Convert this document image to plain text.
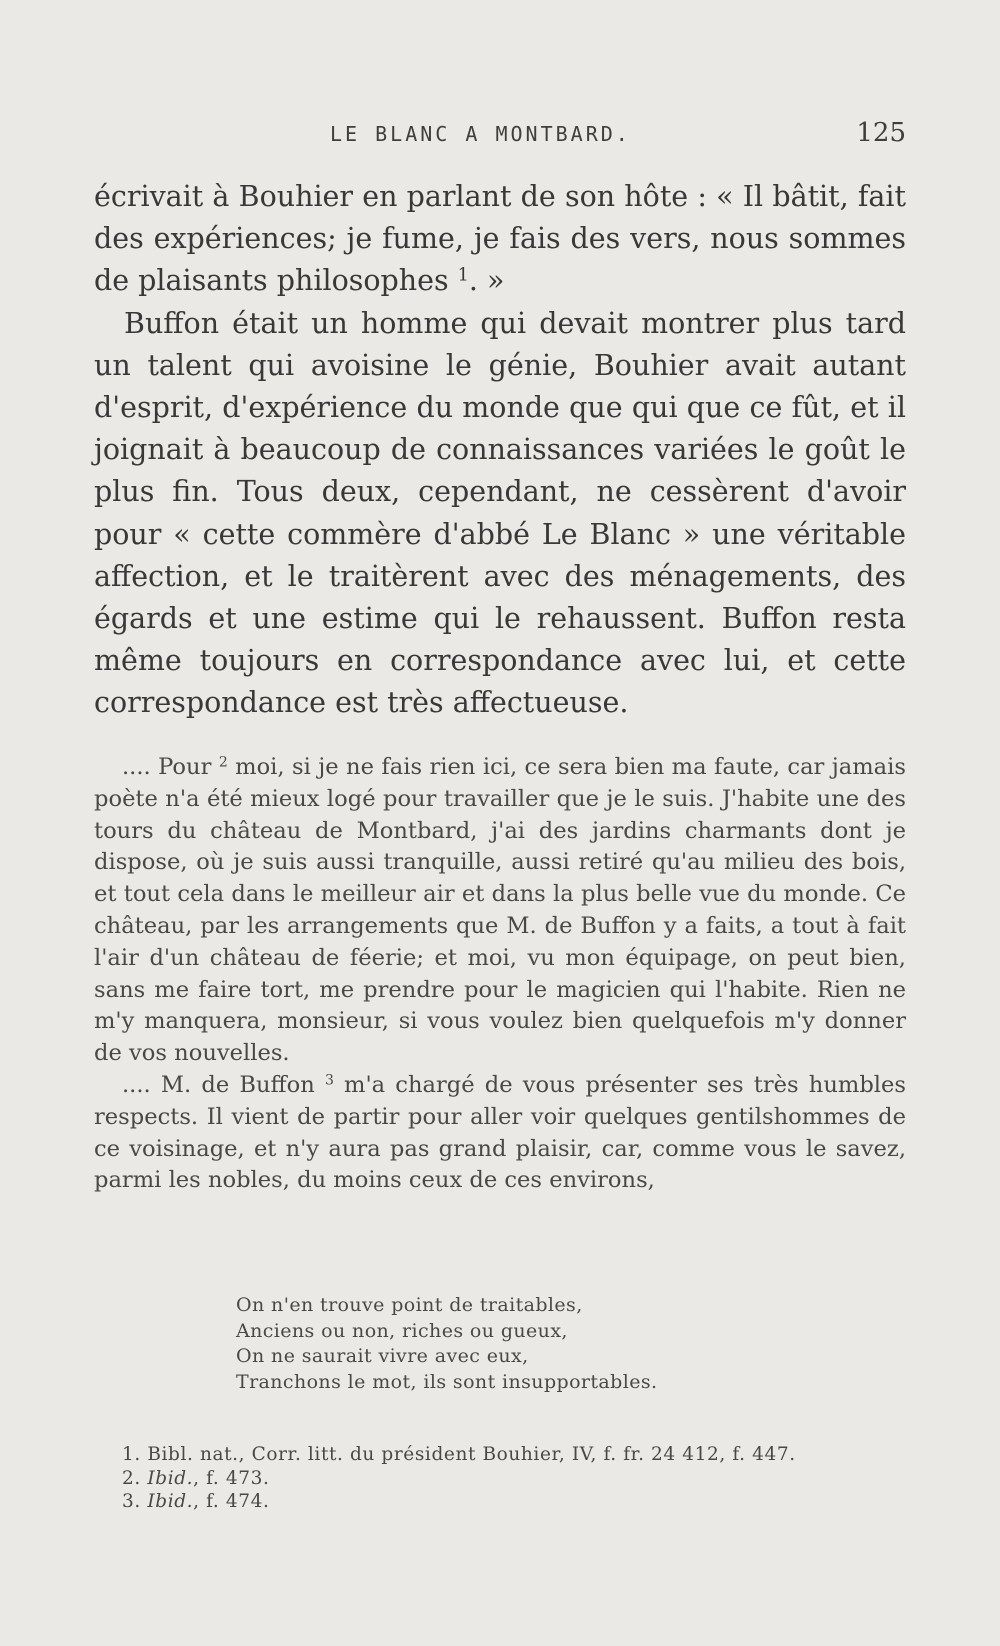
LE BLANC A MONTBARD.	125

écrivait à Bouhier en parlant de son hôte : « Il bâtit, fait des expériences; je fume, je fais des vers, nous sommes de plaisants philosophes $^1$. »

Buffon était un homme qui devait montrer plus tard un talent qui avoisine le génie, Bouhier avait autant d'esprit, d'expérience du monde que qui que ce fût, et il joignait à beaucoup de connaissances variées le goût le plus fin. Tous deux, cependant, ne cessèrent d'avoir pour « cette commère d'abbé Le Blanc » une véritable affection, et le traitèrent avec des ménagements, des égards et une estime qui le rehaussent. Buffon resta même toujours en correspondance avec lui, et cette correspondance est très affectueuse.

.... Pour $^2$ moi, si je ne fais rien ici, ce sera bien ma faute, car jamais poète n'a été mieux logé pour travailler que je le suis. J'habite une des tours du château de Montbard, j'ai des jardins charmants dont je dispose, où je suis aussi tranquille, aussi retiré qu'au milieu des bois, et tout cela dans le meilleur air et dans la plus belle vue du monde. Ce château, par les arrangements que M. de Buffon y a faits, a tout à fait l'air d'un château de féerie; et moi, vu mon équipage, on peut bien, sans me faire tort, me prendre pour le magicien qui l'habite. Rien ne m'y manquera, monsieur, si vous voulez bien quelquefois m'y donner de vos nouvelles.

.... M. de Buffon $^3$ m'a chargé de vous présenter ses très humbles respects. Il vient de partir pour aller voir quelques gentilshommes de ce voisinage, et n'y aura pas grand plaisir, car, comme vous le savez, parmi les nobles, du moins ceux de ces environs,

On n'en trouve point de traitables,
Anciens ou non, riches ou gueux,
On ne saurait vivre avec eux,
Tranchons le mot, ils sont insupportables.
1. Bibl. nat., Corr. litt. du président Bouhier, IV, f. fr. 24 412, f. 447.
2. Ibid., f. 473.
3. Ibid., f. 474.
